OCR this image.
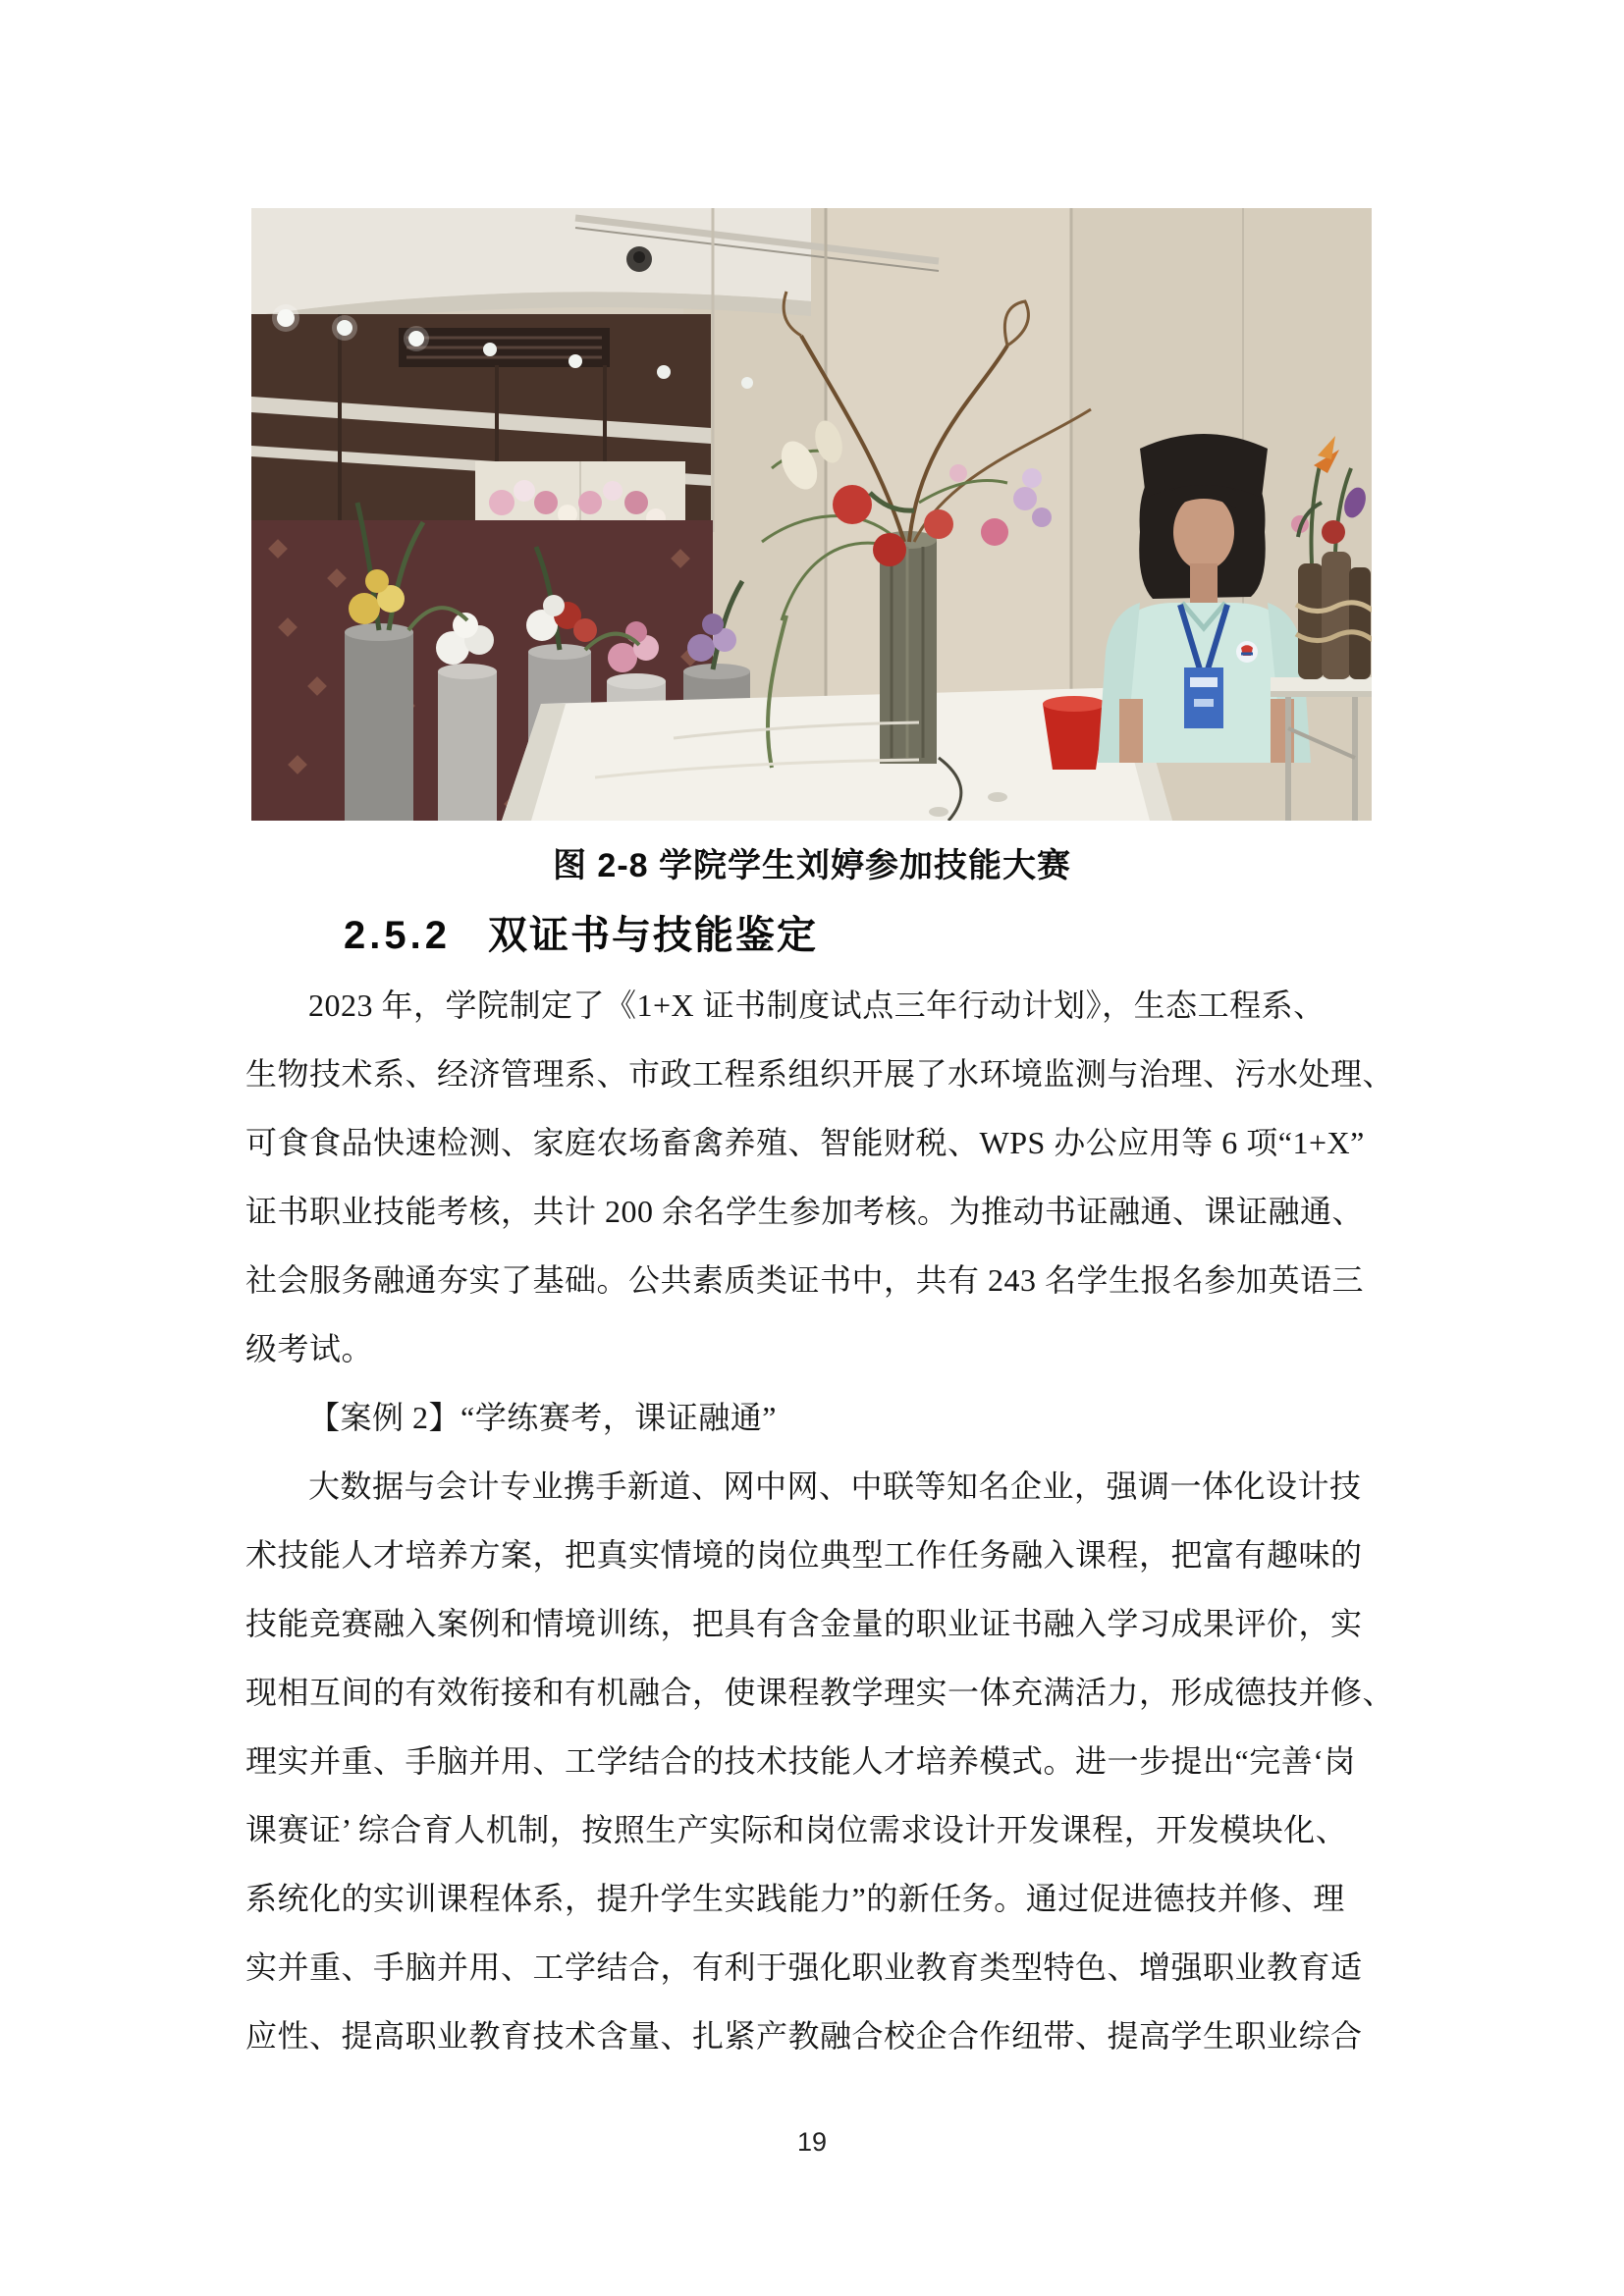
图 2-8 学院学生刘婷参加技能大赛
2.5.2 双证书与技能鉴定
2023 年，学院制定了《1+X 证书制度试点三年行动计划》，生态工程系、
生物技术系、经济管理系、市政工程系组织开展了水环境监测与治理、污水处理、
可食食品快速检测、家庭农场畜禽养殖、智能财税、WPS 办公应用等 6 项“1+X”
证书职业技能考核，共计 200 余名学生参加考核。为推动书证融通、课证融通、
社会服务融通夯实了基础。公共素质类证书中，共有 243 名学生报名参加英语三
级考试。
【案例 2】“学练赛考，课证融通”
大数据与会计专业携手新道、网中网、中联等知名企业，强调一体化设计技
术技能人才培养方案，把真实情境的岗位典型工作任务融入课程，把富有趣味的
技能竞赛融入案例和情境训练，把具有含金量的职业证书融入学习成果评价，实
现相互间的有效衔接和有机融合，使课程教学理实一体充满活力，形成德技并修、
理实并重、手脑并用、工学结合的技术技能人才培养模式。进一步提出“完善‘岗
课赛证’ 综合育人机制，按照生产实际和岗位需求设计开发课程，开发模块化、
系统化的实训课程体系，提升学生实践能力”的新任务。通过促进德技并修、理
实并重、手脑并用、工学结合，有利于强化职业教育类型特色、增强职业教育适
应性、提高职业教育技术含量、扎紧产教融合校企合作纽带、提高学生职业综合
19
